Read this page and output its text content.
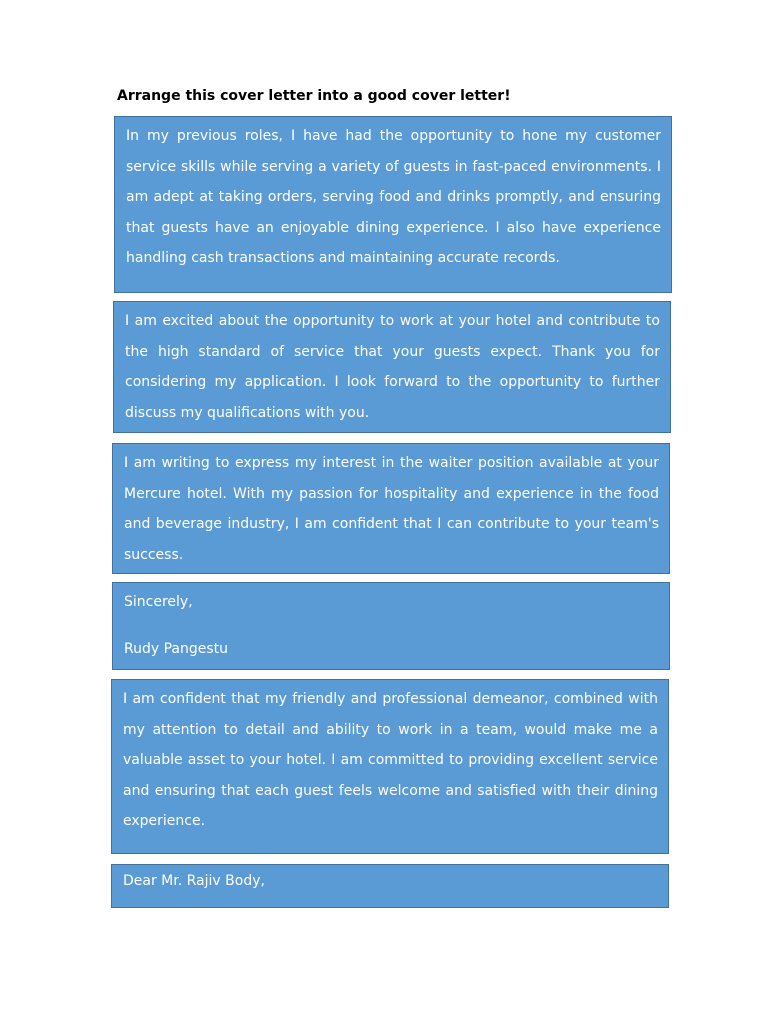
Arrange this cover letter into a good cover letter!

In my previous roles, I have had the opportunity to hone my customer service skills while serving a variety of guests in fast-paced environments. I am adept at taking orders, serving food and drinks promptly, and ensuring that guests have an enjoyable dining experience. I also have experience handling cash transactions and maintaining accurate records.

I am excited about the opportunity to work at your hotel and contribute to the high standard of service that your guests expect. Thank you for considering my application. I look forward to the opportunity to further discuss my qualifications with you.

I am writing to express my interest in the waiter position available at your Mercure hotel. With my passion for hospitality and experience in the food and beverage industry, I am confident that I can contribute to your team's success.

Sincerely,

Rudy Pangestu

I am confident that my friendly and professional demeanor, combined with my attention to detail and ability to work in a team, would make me a valuable asset to your hotel. I am committed to providing excellent service and ensuring that each guest feels welcome and satisfied with their dining experience.

Dear Mr. Rajiv Body,
